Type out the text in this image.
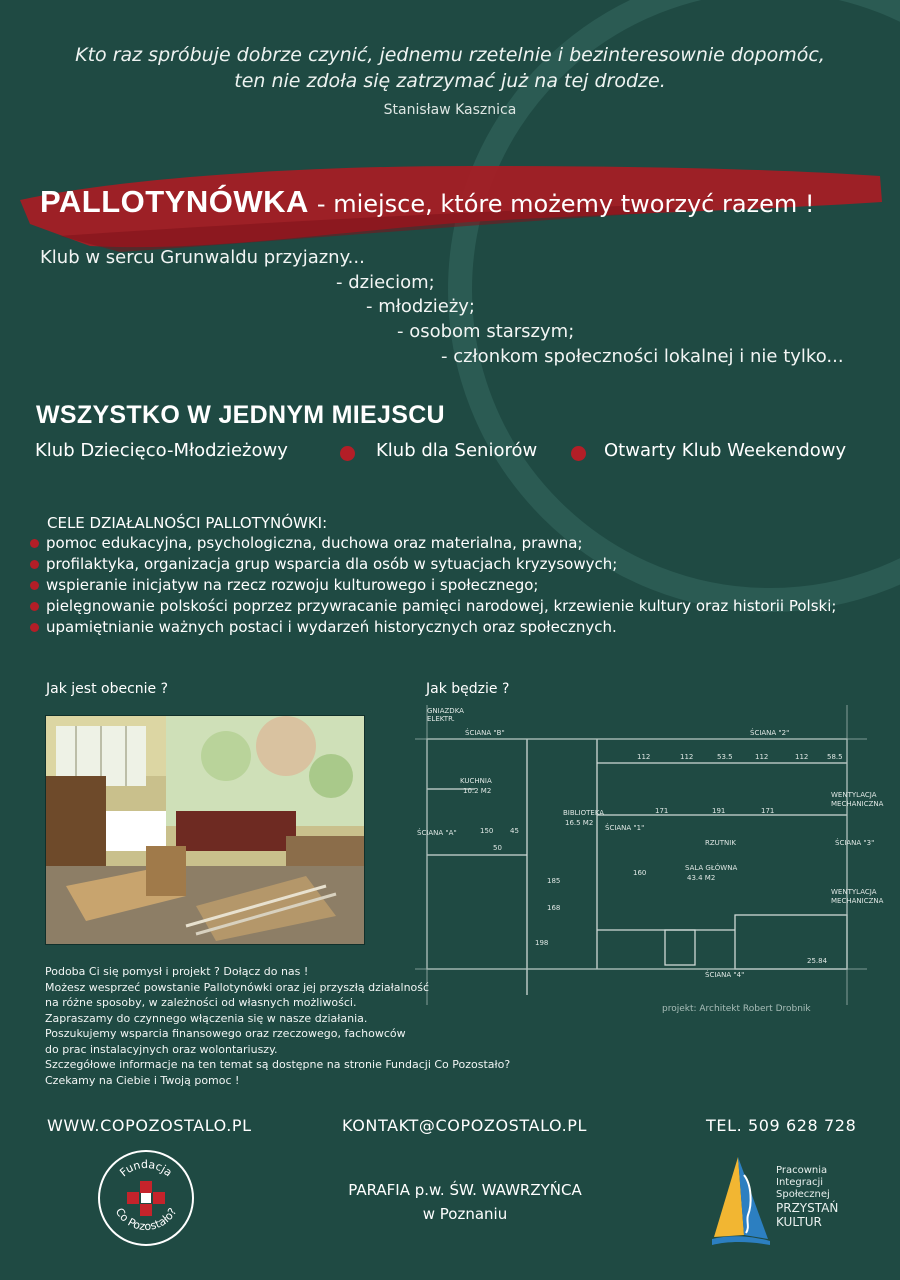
Kto raz spróbuje dobrze czynić, jednemu rzetelnie i bezinteresownie dopomóc,
ten nie zdoła się zatrzymać już na tej drodze.
Stanisław Kasznica
PALLOTYNÓWKA - miejsce, które możemy tworzyć razem !
Klub w sercu Grunwaldu przyjazny...
- dzieciom;
- młodzieży;
- osobom starszym;
- członkom społeczności lokalnej i nie tylko...
WSZYSTKO W JEDNYM MIEJSCU
Klub Dziecięco-Młodzieżowy	Klub dla Seniorów	Otwarty Klub Weekendowy
CELE DZIAŁALNOŚCI PALLOTYNÓWKI:
pomoc edukacyjna, psychologiczna, duchowa oraz materialna, prawna;
profilaktyka, organizacja grup wsparcia dla osób w sytuacjach kryzysowych;
wspieranie inicjatyw na rzecz rozwoju kulturowego i społecznego;
pielęgnowanie polskości poprzez przywracanie pamięci narodowej, krzewienie kultury oraz historii Polski;
upamiętnianie ważnych postaci i wydarzeń historycznych oraz społecznych.
Jak jest obecnie ?	Jak będzie ?
KUCHNIA
10.2 M2
BIBLIOTEKA
16.5 M2
SALA GŁÓWNA
43.4 M2
RZUTNIK
ŚCIANA "B"	ŚCIANA "2"
ŚCIANA "1"
ŚCIANA "A"
ŚCIANA "3"
ŚCIANA "4"
WENTYLACJA
MECHANICZNA
WENTYLACJA
MECHANICZNA
GNIAZDKA
ELEKTR.
112	112	53.5	112	112	58.5
171	191	171
150 45
50
160
185
168
198
25.84
projekt: Architekt Robert Drobnik
Podoba Ci się pomysł i projekt ? Dołącz do nas !
Możesz wesprzeć powstanie Pallotynówki oraz jej przyszłą działalność
na różne sposoby, w zależności od własnych możliwości.
Zapraszamy do czynnego włączenia się w nasze działania.
Poszukujemy wsparcia finansowego oraz rzeczowego, fachowców
do prac instalacyjnych oraz wolontariuszy.
Szczegółowe informacje na ten temat są dostępne na stronie Fundacji Co Pozostało?
Czekamy na Ciebie i Twoją pomoc !
WWW.COPOZOSTALO.PL	KONTAKT@COPOZOSTALO.PL	TEL. 509 628 728
Fundacja
Co Pozostało?
PARAFIA p.w. ŚW. WAWRZYŃCA
w Poznaniu
Pracownia
Integracji
Społecznej
PRZYSTAŃ
KULTUR
